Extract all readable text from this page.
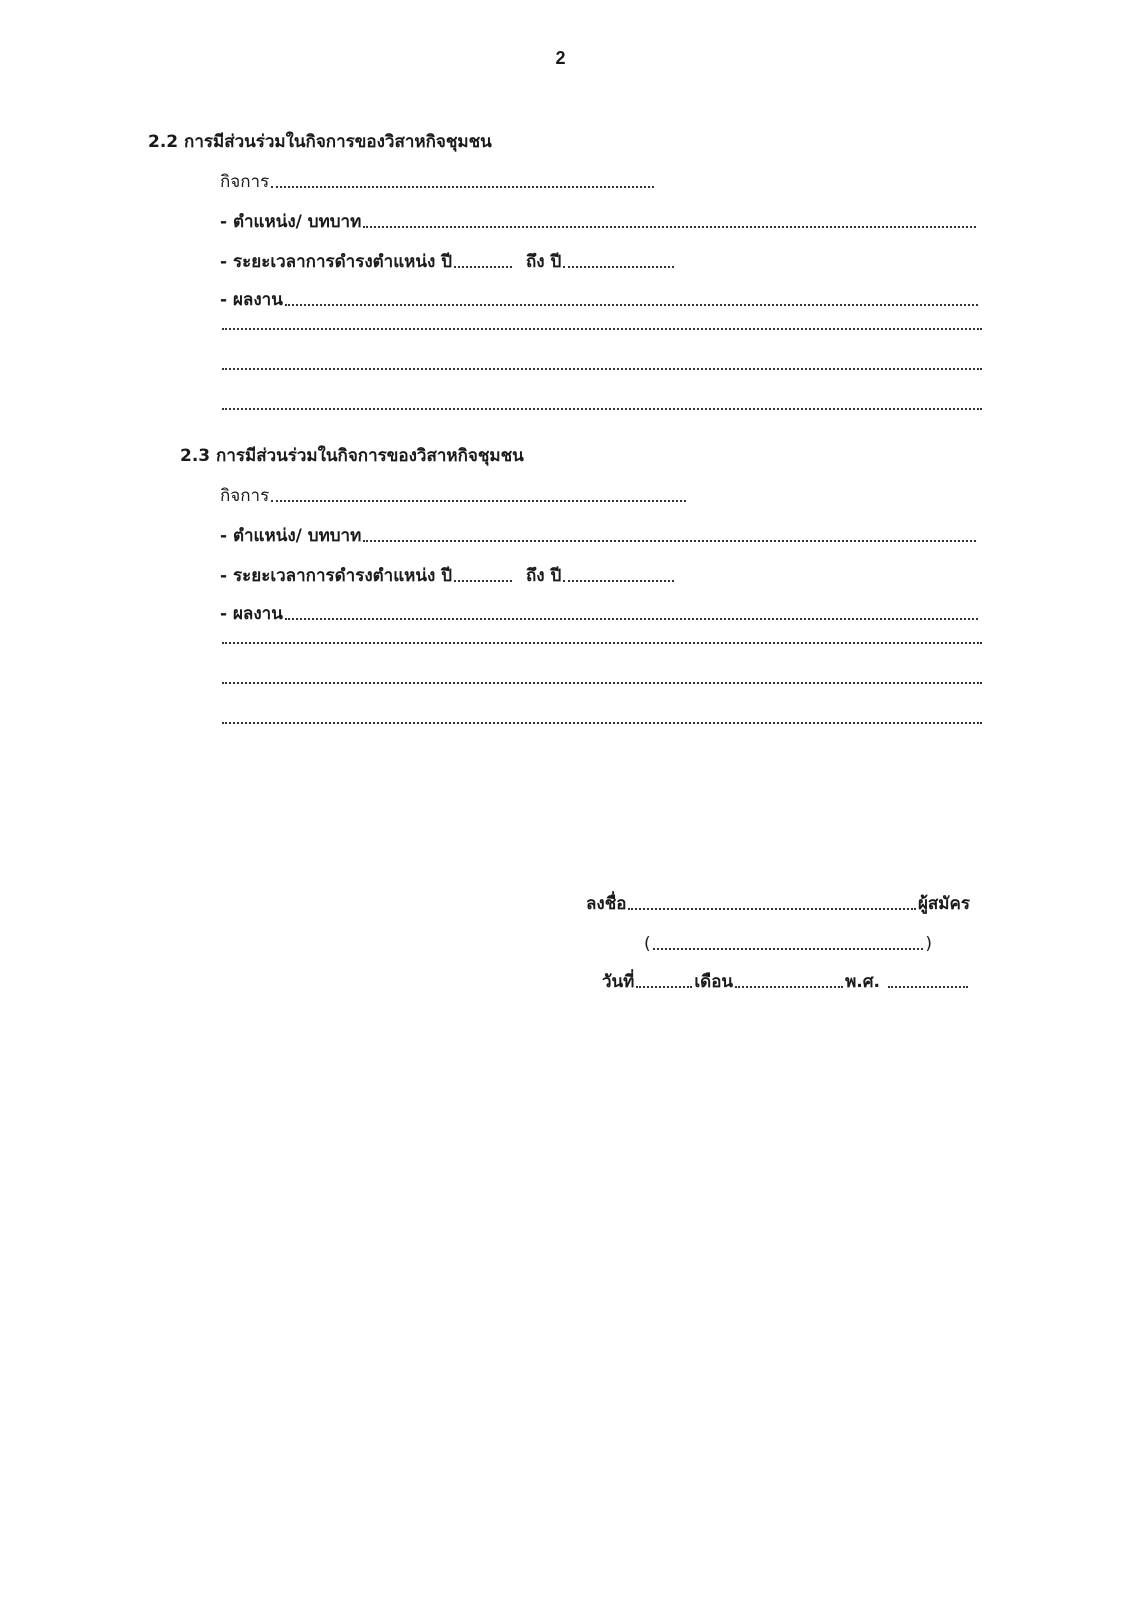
2
2.2 การมีส่วนร่วมในกิจการของวิสาหกิจชุมชน
กิจการ
- ตำแหน่ง/ บทบาท
- ระยะเวลาการดำรงตำแหน่ง ปี	ถึง ปี
- ผลงาน
2.3 การมีส่วนร่วมในกิจการของวิสาหกิจชุมชน
กิจการ
- ตำแหน่ง/ บทบาท
- ระยะเวลาการดำรงตำแหน่ง ปี	ถึง ปี
- ผลงาน
ลงชื่อ	ผู้สมัคร
(	)
วันที่	เดือน	พ.ศ.
